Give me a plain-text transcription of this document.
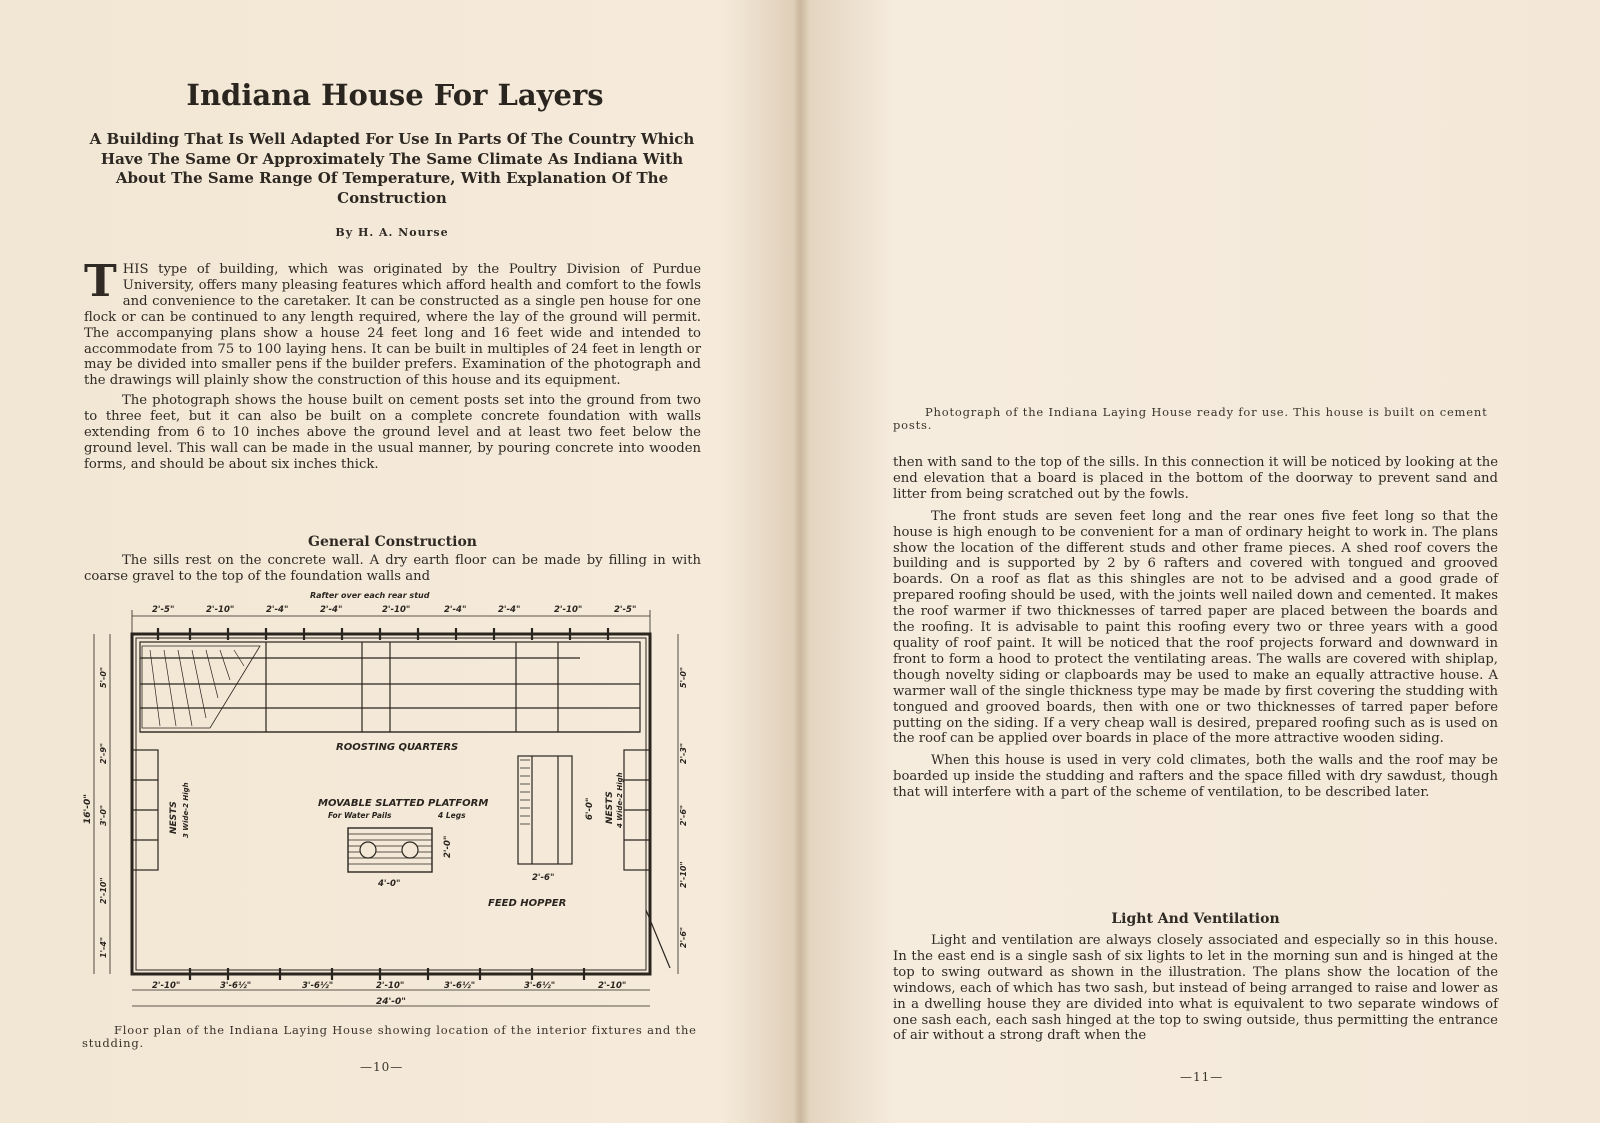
Indiana House For Layers
A Building That Is Well Adapted For Use In Parts Of The Country Which Have The Same Or Approximately The Same Climate As Indiana With About The Same Range Of Temperature, With Explanation Of The Construction
By H. A. Nourse

THIS type of building, which was originated by the Poultry Division of Purdue University, offers many pleasing features which afford health and comfort to the fowls and convenience to the caretaker. It can be constructed as a single pen house for one flock or can be continued to any length required, where the lay of the ground will permit. The accompanying plans show a house 24 feet long and 16 feet wide and intended to accommodate from 75 to 100 laying hens. It can be built in multiples of 24 feet in length or may be divided into smaller pens if the builder prefers. Examination of the photograph and the drawings will plainly show the construction of this house and its equipment.

The photograph shows the house built on cement posts set into the ground from two to three feet, but it can also be built on a complete concrete foundation with walls extending from 6 to 10 inches above the ground level and at least two feet below the ground level. This wall can be made in the usual manner, by pouring concrete into wooden forms, and should be about six inches thick.

General Construction
The sills rest on the concrete wall. A dry earth floor can be made by filling in with coarse gravel to the top of the foundation walls and
Rafter over each rear stud
2'-5"	2'-10"	2'-4"	2'-4"	2'-10"	2'-4"	2'-4"	2'-10"	2'-5"
2'-10"	3'-6½"	3'-6½"	2'-10"	3'-6½"	3'-6½"	2'-10"
24'-0"
16'-0"
5'-0"
2'-9"
3'-0"
2'-10"
1'-4"
5'-0"
2'-3"
2'-6"
2'-10"
2'-6"
ROOSTING QUARTERS
MOVABLE SLATTED PLATFORM
For Water Pails	4 Legs
4'-0"
2'-0"
2'-6"
6'-0"
FEED HOPPER
NESTS 3 Wide-2 High	NESTS 4 Wide-2 High
Floor plan of the Indiana Laying House showing location of the interior fixtures and the studding.
—10—
Photograph of the Indiana Laying House ready for use. This house is built on cement posts.

then with sand to the top of the sills. In this connection it will be noticed by looking at the end elevation that a board is placed in the bottom of the doorway to prevent sand and litter from being scratched out by the fowls.

The front studs are seven feet long and the rear ones five feet long so that the house is high enough to be convenient for a man of ordinary height to work in. The plans show the location of the different studs and other frame pieces. A shed roof covers the building and is supported by 2 by 6 rafters and covered with tongued and grooved boards. On a roof as flat as this shingles are not to be advised and a good grade of prepared roofing should be used, with the joints well nailed down and cemented. It makes the roof warmer if two thicknesses of tarred paper are placed between the boards and the roofing. It is advisable to paint this roofing every two or three years with a good quality of roof paint. It will be noticed that the roof projects forward and downward in front to form a hood to protect the ventilating areas. The walls are covered with shiplap, though novelty siding or clapboards may be used to make an equally attractive house. A warmer wall of the single thickness type may be made by first covering the studding with tongued and grooved boards, then with one or two thicknesses of tarred paper before putting on the siding. If a very cheap wall is desired, prepared roofing such as is used on the roof can be applied over boards in place of the more attractive wooden siding.

When this house is used in very cold climates, both the walls and the roof may be boarded up inside the studding and rafters and the space filled with dry sawdust, though that will interfere with a part of the scheme of ventilation, to be described later.

Light And Ventilation
Light and ventilation are always closely associated and especially so in this house. In the east end is a single sash of six lights to let in the morning sun and is hinged at the top to swing outward as shown in the illustration. The plans show the location of the windows, each of which has two sash, but instead of being arranged to raise and lower as in a dwelling house they are divided into what is equivalent to two separate windows of one sash each, each sash hinged at the top to swing outside, thus permitting the entrance of air without a strong draft when the
—11—
